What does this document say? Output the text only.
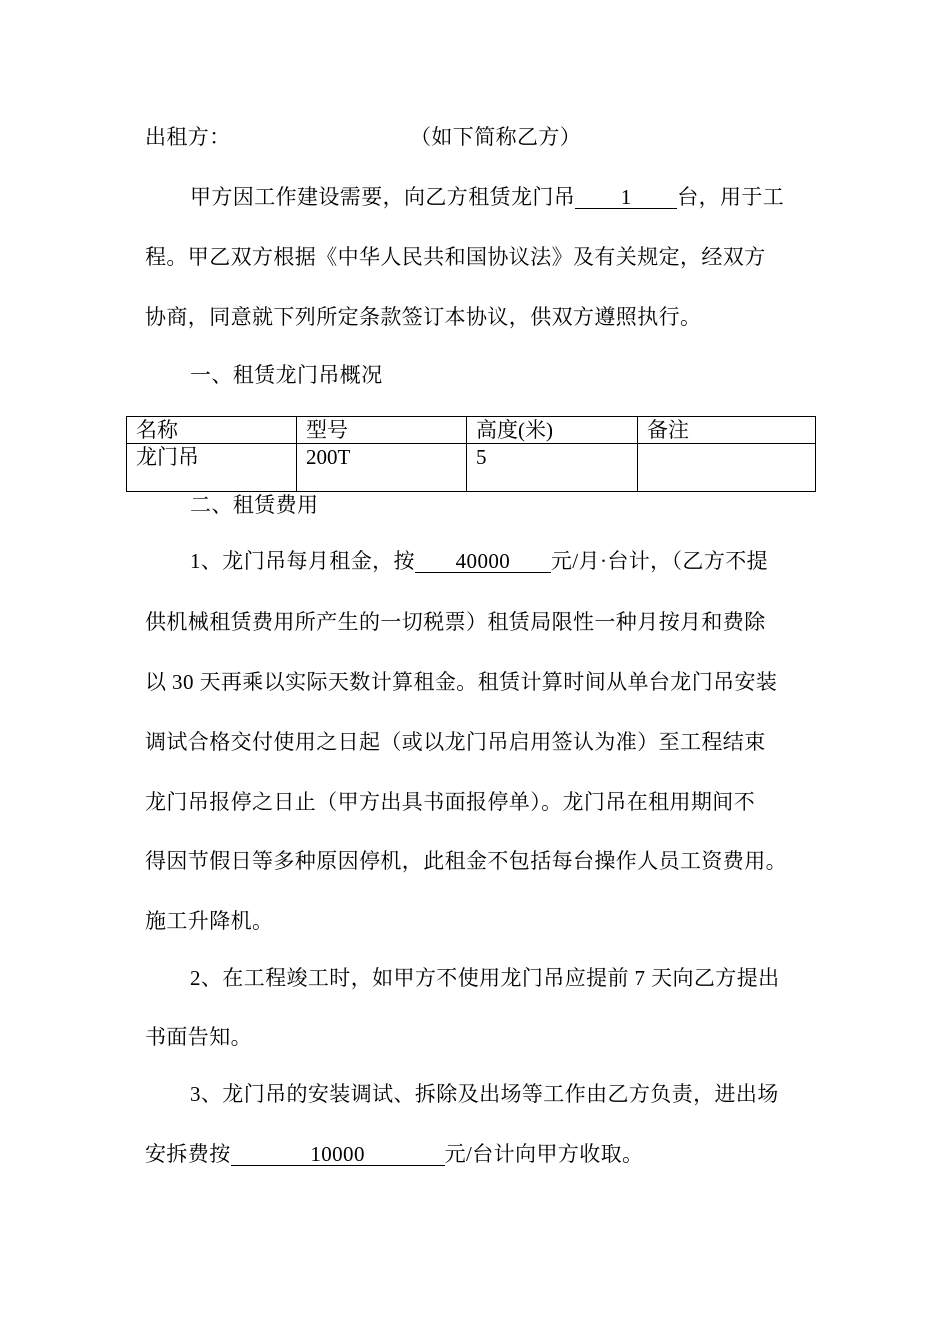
出租方：	（如下简称乙方）
甲方因工作建设需要，向乙方租赁龙门吊 1 台，用于工
程。甲乙双方根据《中华人民共和国协议法》及有关规定，经双方
协商，同意就下列所定条款签订本协议，供双方遵照执行。
一、租赁龙门吊概况
名称	型号	高度(米)	备注
龙门吊	200T	5	
二、租赁费用
1、龙门吊每月租金，按 40000 元/月·台计，（乙方不提
供机械租赁费用所产生的一切税票）租赁局限性一种月按月和费除
以 30 天再乘以实际天数计算租金。租赁计算时间从单台龙门吊安装
调试合格交付使用之日起（或以龙门吊启用签认为准）至工程结束
龙门吊报停之日止（甲方出具书面报停单）。龙门吊在租用期间不
得因节假日等多种原因停机，此租金不包括每台操作人员工资费用。
施工升降机。
2、在工程竣工时，如甲方不使用龙门吊应提前 7 天向乙方提出
书面告知。
3、龙门吊的安装调试、拆除及出场等工作由乙方负责，进出场
安拆费按	10000	元/台计向甲方收取。
